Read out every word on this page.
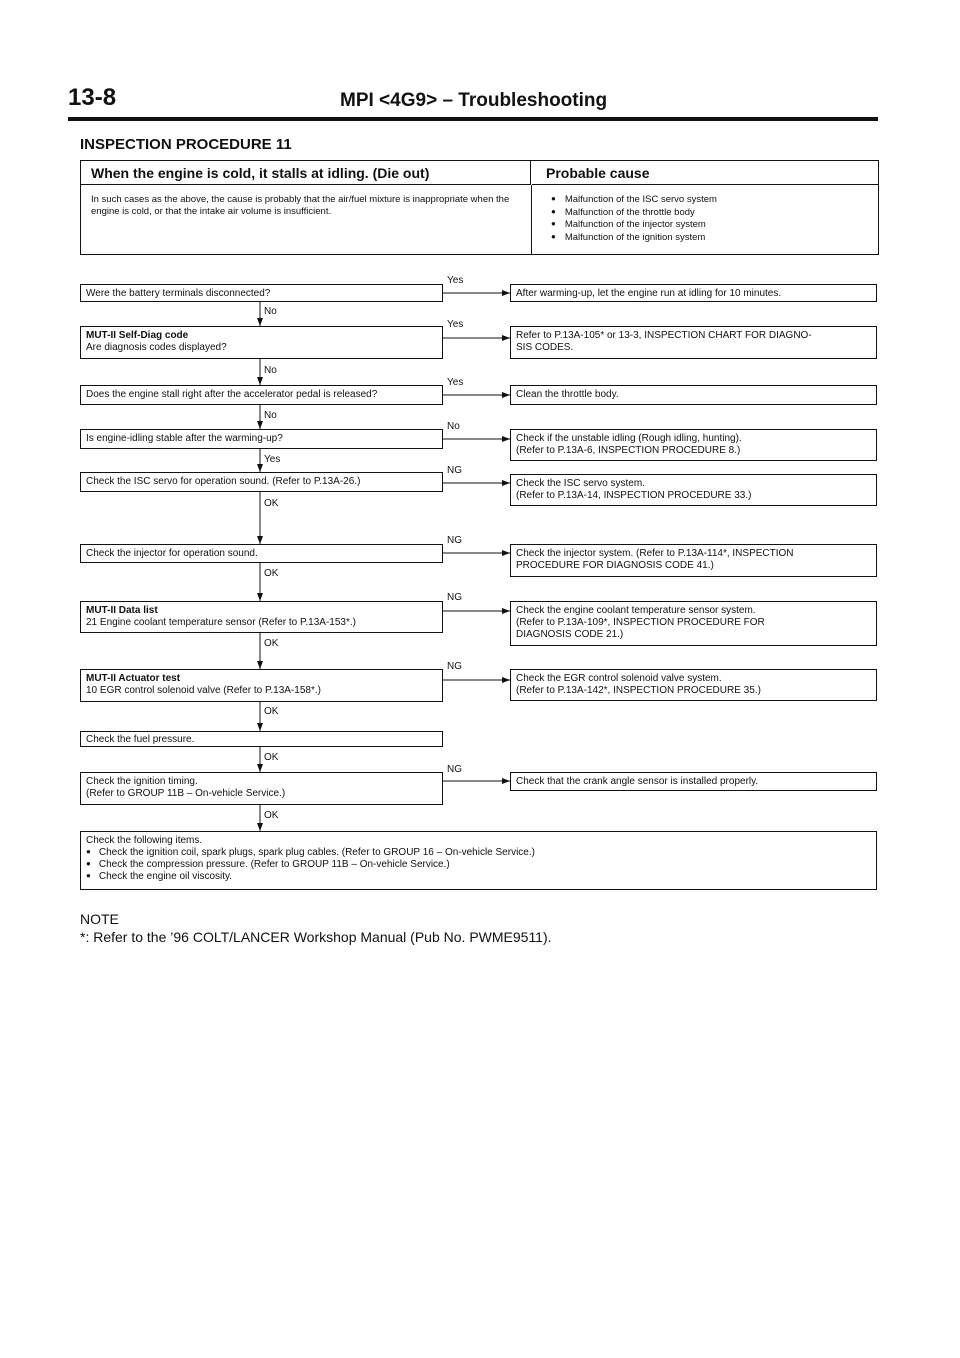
13-8	MPI <4G9> – Troubleshooting
INSPECTION PROCEDURE 11
When the engine is cold, it stalls at idling. (Die out)	Probable cause
In such cases as the above, the cause is probably that the air/fuel mixture is inappropriate when the engine is cold, or that the intake air volume is insufficient.
● Malfunction of the ISC servo system
● Malfunction of the throttle body
● Malfunction of the injector system
● Malfunction of the ignition system
Were the battery terminals disconnected?
Yes
After warming-up, let the engine run at idling for 10 minutes.
No
MUT-II Self-Diag code
Are diagnosis codes displayed?
Yes
Refer to P.13A-105* or 13-3, INSPECTION CHART FOR DIAGNO-
SIS CODES.
No
Does the engine stall right after the accelerator pedal is released?
Yes
Clean the throttle body.
No
Is engine-idling stable after the warming-up?
No
Check if the unstable idling (Rough idling, hunting).
(Refer to P.13A-6, INSPECTION PROCEDURE 8.)
Yes
Check the ISC servo for operation sound. (Refer to P.13A-26.)
NG
Check the ISC servo system.
(Refer to P.13A-14, INSPECTION PROCEDURE 33.)
OK
Check the injector for operation sound.
NG
Check the injector system. (Refer to P.13A-114*, INSPECTION
PROCEDURE FOR DIAGNOSIS CODE 41.)
OK
MUT-II Data list
21 Engine coolant temperature sensor (Refer to P.13A-153*.)
NG
Check the engine coolant temperature sensor system.
(Refer to P.13A-109*, INSPECTION PROCEDURE FOR
DIAGNOSIS CODE 21.)
OK
MUT-II Actuator test
10 EGR control solenoid valve (Refer to P.13A-158*.)
NG
Check the EGR control solenoid valve system.
(Refer to P.13A-142*, INSPECTION PROCEDURE 35.)
OK
Check the fuel pressure.
OK
Check the ignition timing.
(Refer to GROUP 11B – On-vehicle Service.)
NG
Check that the crank angle sensor is installed properly.
OK
Check the following items.
● Check the ignition coil, spark plugs, spark plug cables. (Refer to GROUP 16 – On-vehicle Service.)
● Check the compression pressure. (Refer to GROUP 11B – On-vehicle Service.)
● Check the engine oil viscosity.
NOTE
*: Refer to the ’96 COLT/LANCER Workshop Manual (Pub No. PWME9511).
